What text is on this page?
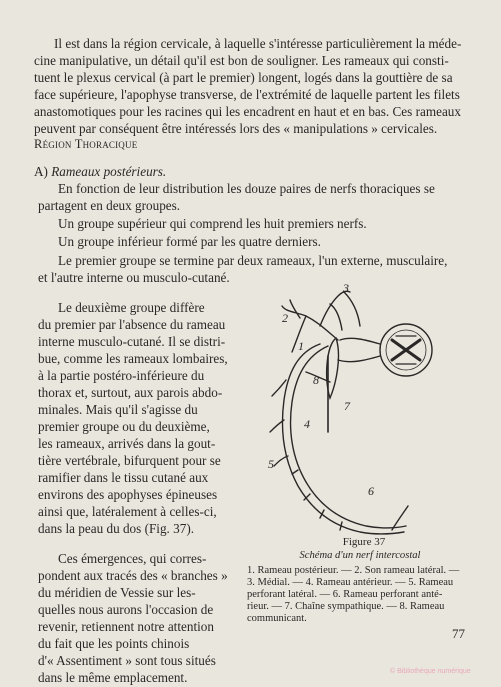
Il est dans la région cervicale, à laquelle s'intéresse particulièrement la méde-
cine manipulative, un détail qu'il est bon de souligner. Les rameaux qui consti-
tuent le plexus cervical (à part le premier) longent, logés dans la gouttière de sa
face supérieure, l'apophyse transverse, de l'extrémité de laquelle partent les filets
anastomotiques pour les racines qui les encadrent en haut et en bas. Ces rameaux
peuvent par conséquent être intéressés lors des « manipulations » cervicales.
Région Thoracique
A) Rameaux postérieurs.
En fonction de leur distribution les douze paires de nerfs thoraciques se
partagent en deux groupes.
Un groupe supérieur qui comprend les huit premiers nerfs.
Un groupe inférieur formé par les quatre derniers.
Le premier groupe se termine par deux rameaux, l'un externe, musculaire,
et l'autre interne ou musculo-cutané.
Le deuxième groupe diffère
du premier par l'absence du rameau
interne musculo-cutané. Il se distri-
bue, comme les rameaux lombaires,
à la partie postéro-inférieure du
thorax et, surtout, aux parois abdo-
minales. Mais qu'il s'agisse du
premier groupe ou du deuxième,
les rameaux, arrivés dans la gout-
tière vertébrale, bifurquent pour se
ramifier dans le tissu cutané aux
environs des apophyses épineuses
ainsi que, latéralement à celles-ci,
dans la peau du dos (Fig. 37).
Ces émergences, qui corres-
pondent aux tracés des « branches »
du méridien de Vessie sur les-
quelles nous aurons l'occasion de
revenir, retiennent notre attention
du fait que les points chinois
d'« Assentiment » sont tous situés
dans le même emplacement.
3
2
1
8
7
4
5
6
Figure 37
Schéma d'un nerf intercostal
1. Rameau postérieur. — 2. Son rameau latéral. —
3. Médial. — 4. Rameau antérieur. — 5. Rameau
perforant latéral. — 6. Rameau perforant anté-
rieur. — 7. Chaîne sympathique. — 8. Rameau
communicant.
77
© Bibliothèque numérique
